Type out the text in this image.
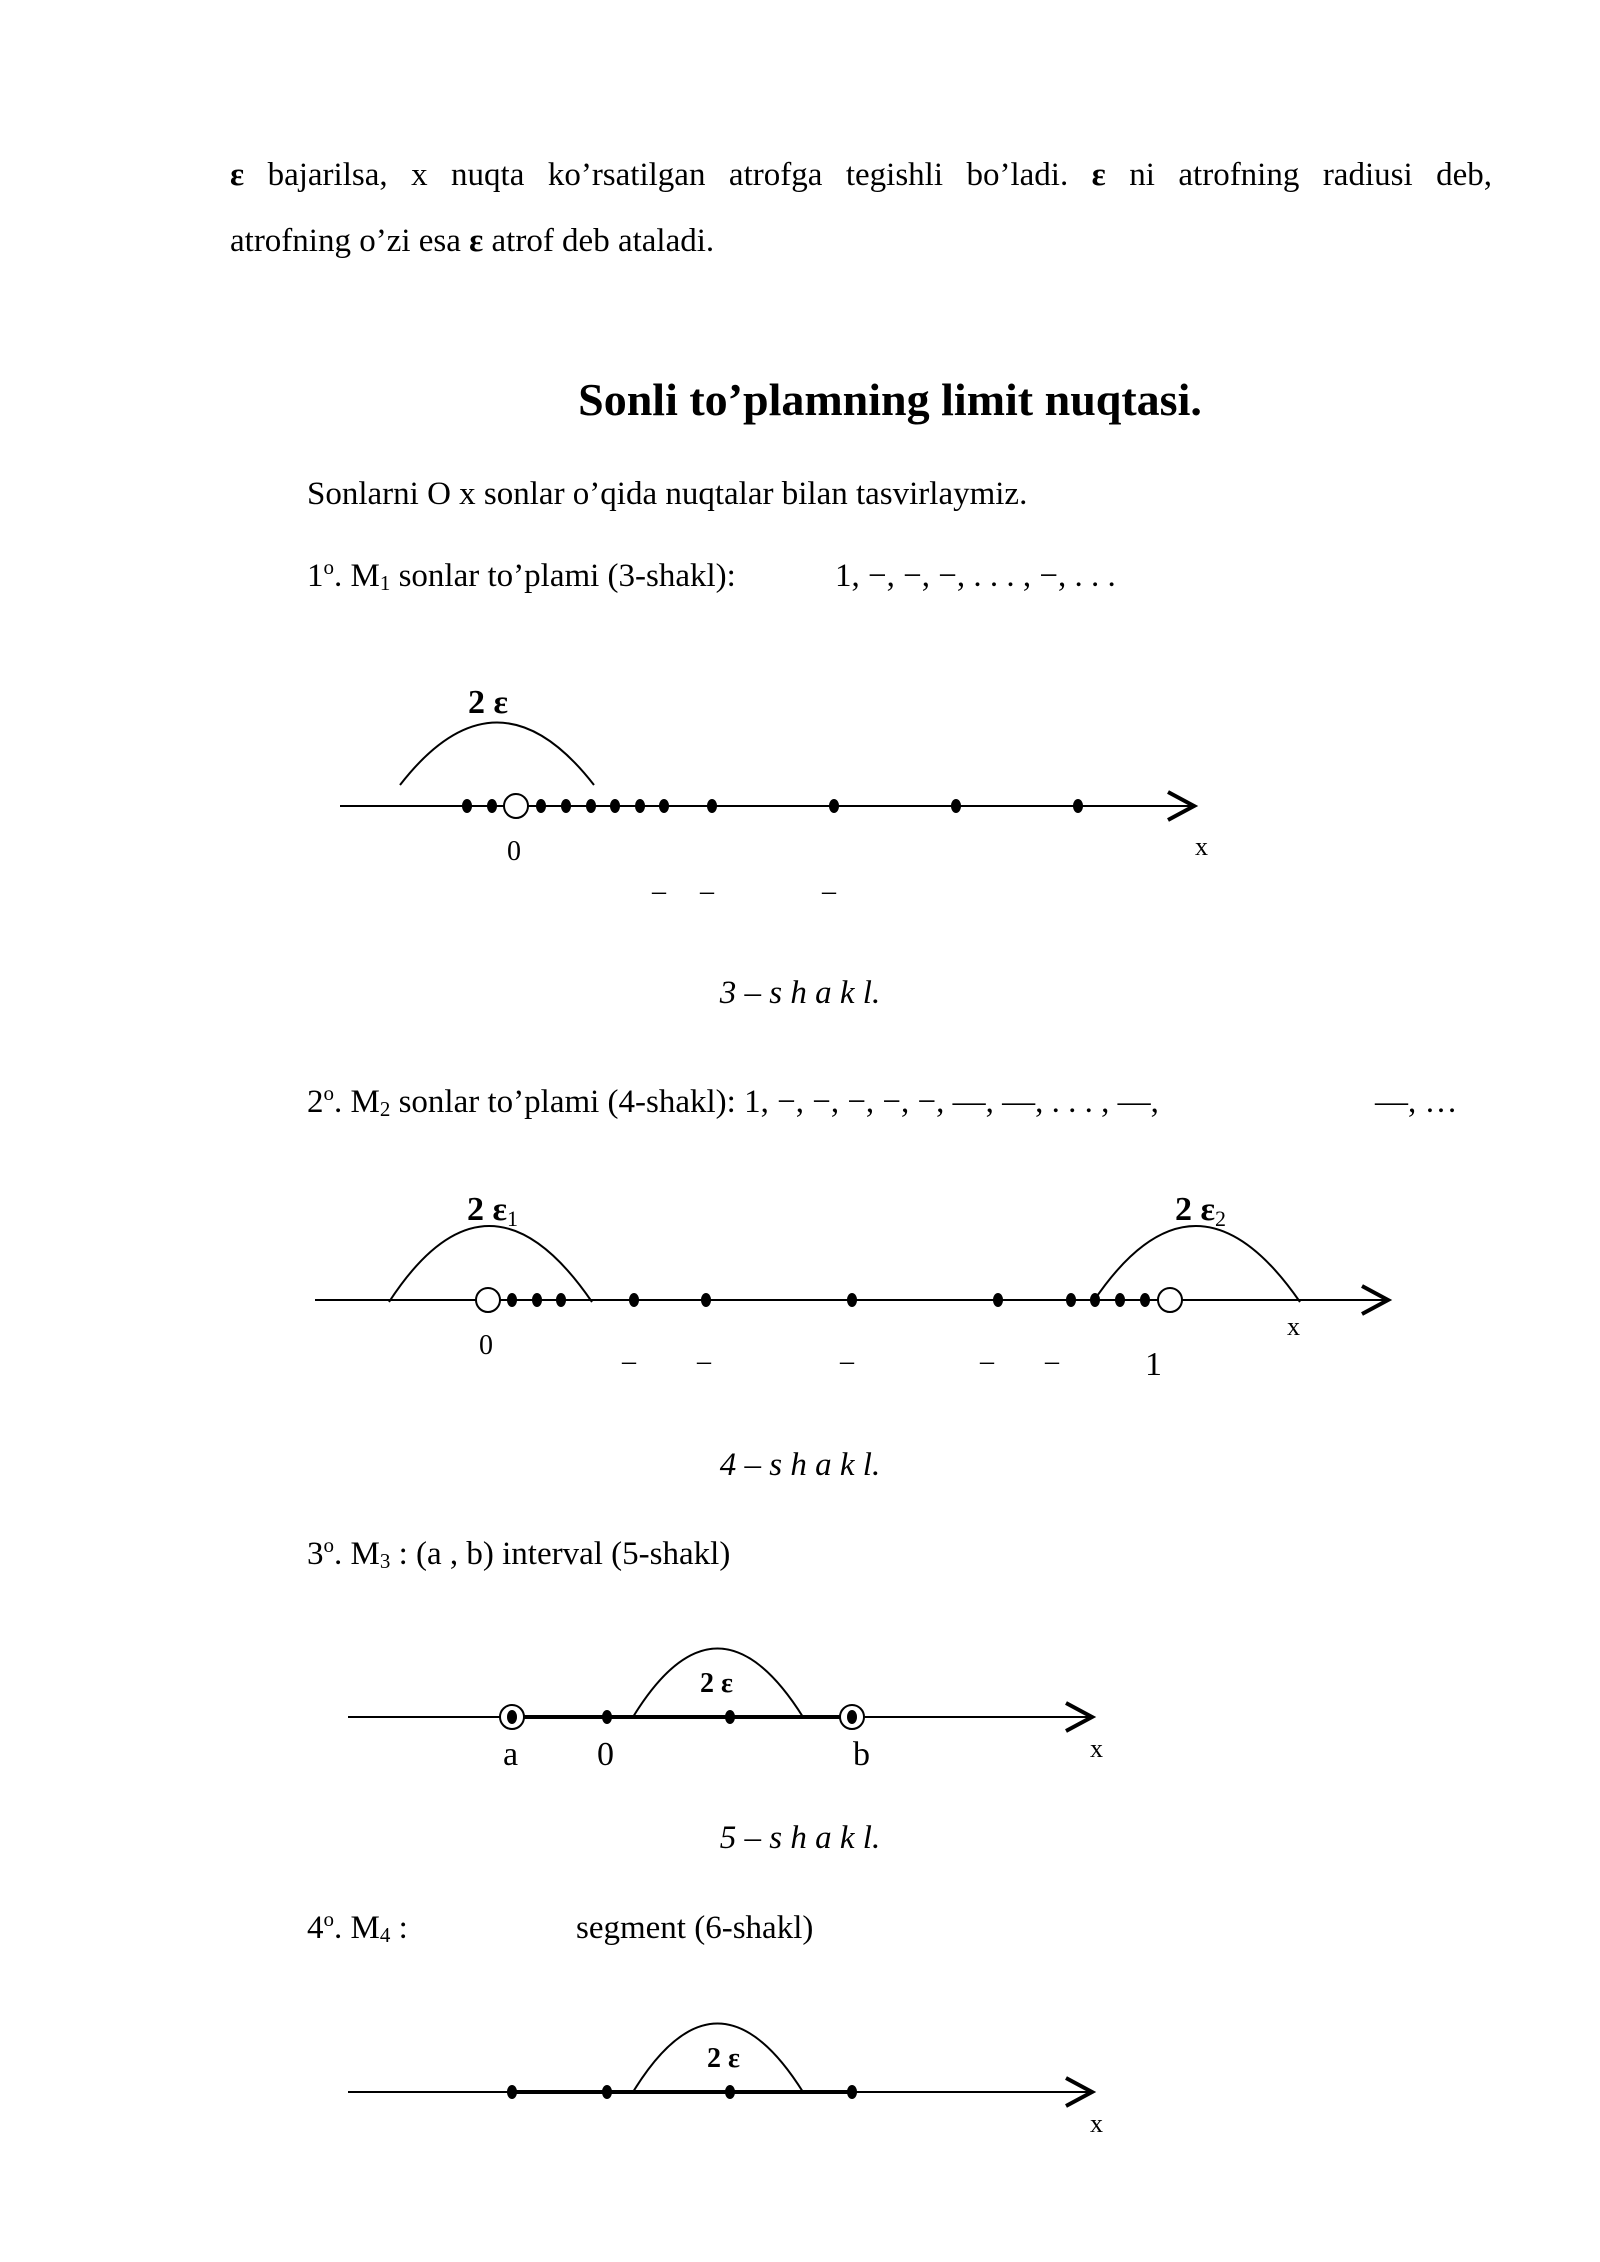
ε bajarilsa, x nuqta ko’rsatilgan atrofga tegishli bo’ladi. ε ni atrofning radiusi deb,
atrofning o’zi esa ε atrof deb ataladi.
Sonli to’plamning limit nuqtasi.
Sonlarni O x sonlar o’qida nuqtalar bilan tasvirlaymiz.
1$^o$. $M_1$ sonlar to’plami (3-shakl):	1, −, −, −, . . . , −, . . .
2 ε
0	x
– –	–
2 ε1	2 ε2
0
1
x
– –	–	– –
2 ε
a 0	b	x
2 ε
x
3 – s h a k l.
2$^o$. $M_2$ sonlar to’plami (4-shakl): 1, −, −, −, −, −, —, —, . . . , —,	—, …
4 – s h a k l.
3$^o$. $M_3$ : (a , b) interval (5-shakl)
5 – s h a k l.
4$^o$. $M_4$ :	segment (6-shakl)
